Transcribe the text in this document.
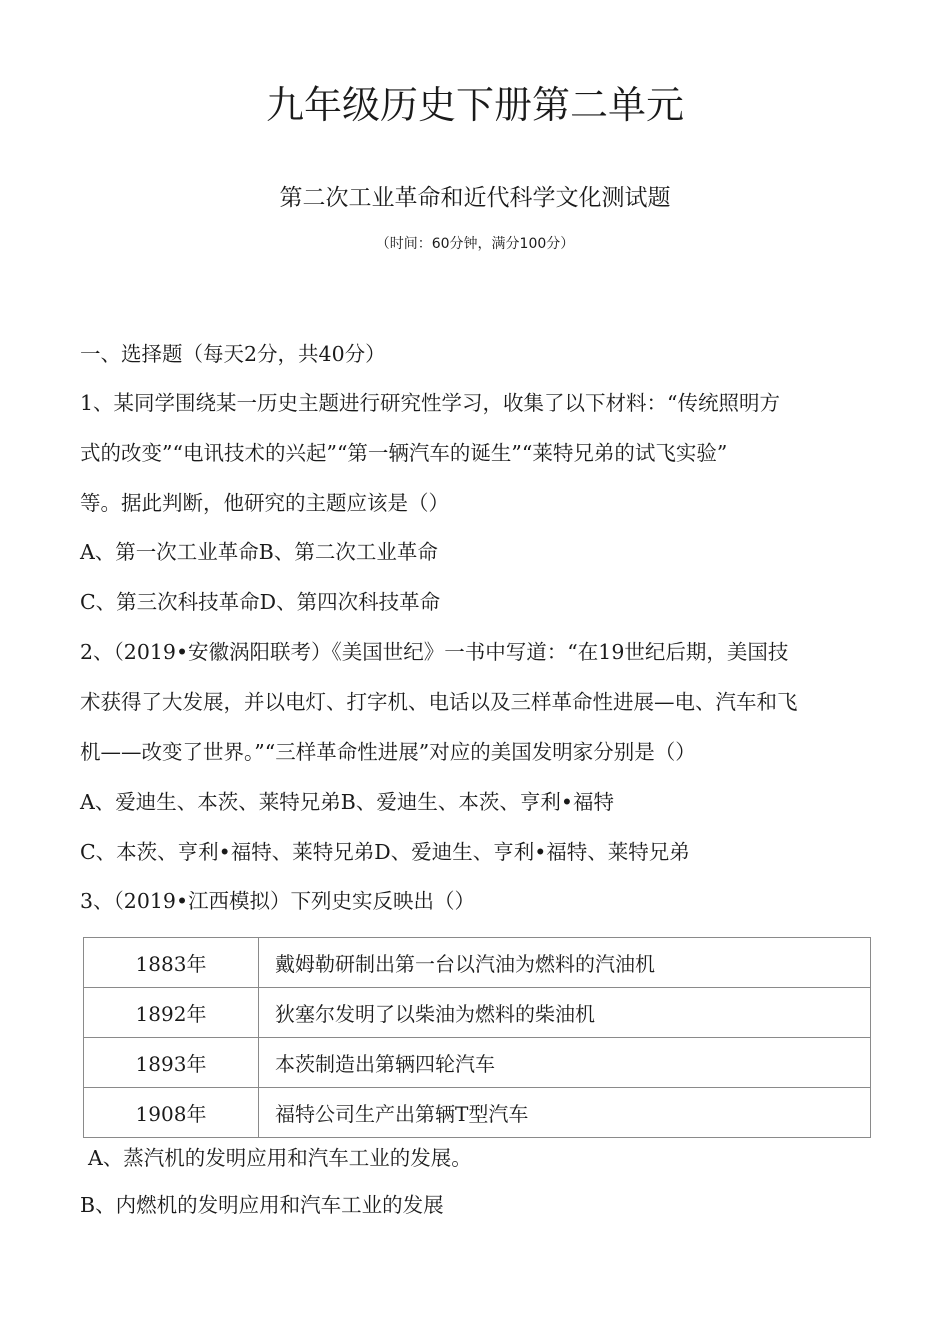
九年级历史下册第二单元
第二次工业革命和近代科学文化测试题
（时间：60分钟，满分100分）
一、选择题（每天2分，共40分）
1、某同学围绕某一历史主题进行研究性学习，收集了以下材料：“传统照明方
式的改变”“电讯技术的兴起”“第一辆汽车的诞生”“莱特兄弟的试飞实验”
等。据此判断，他研究的主题应该是（）
A、第一次工业革命B、第二次工业革命
C、第三次科技革命D、第四次科技革命
2、（2019•安徽涡阳联考）《美国世纪》一书中写道：“在19世纪后期，美国技
术获得了大发展，并以电灯、打字机、电话以及三样革命性进展—电、汽车和飞
机——改变了世界。”“三样革命性进展”对应的美国发明家分别是（）
A、爱迪生、本茨、莱特兄弟B、爱迪生、本茨、亨利•福特
C、本茨、亨利•福特、莱特兄弟D、爱迪生、亨利•福特、莱特兄弟
3、（2019•江西模拟）下列史实反映出（）
1883年	戴姆勒研制出第一台以汽油为燃料的汽油机
1892年	狄塞尔发明了以柴油为燃料的柴油机
1893年	本茨制造出第辆四轮汽车
1908年	福特公司生产出第辆T型汽车
A、蒸汽机的发明应用和汽车工业的发展。
B、内燃机的发明应用和汽车工业的发展
